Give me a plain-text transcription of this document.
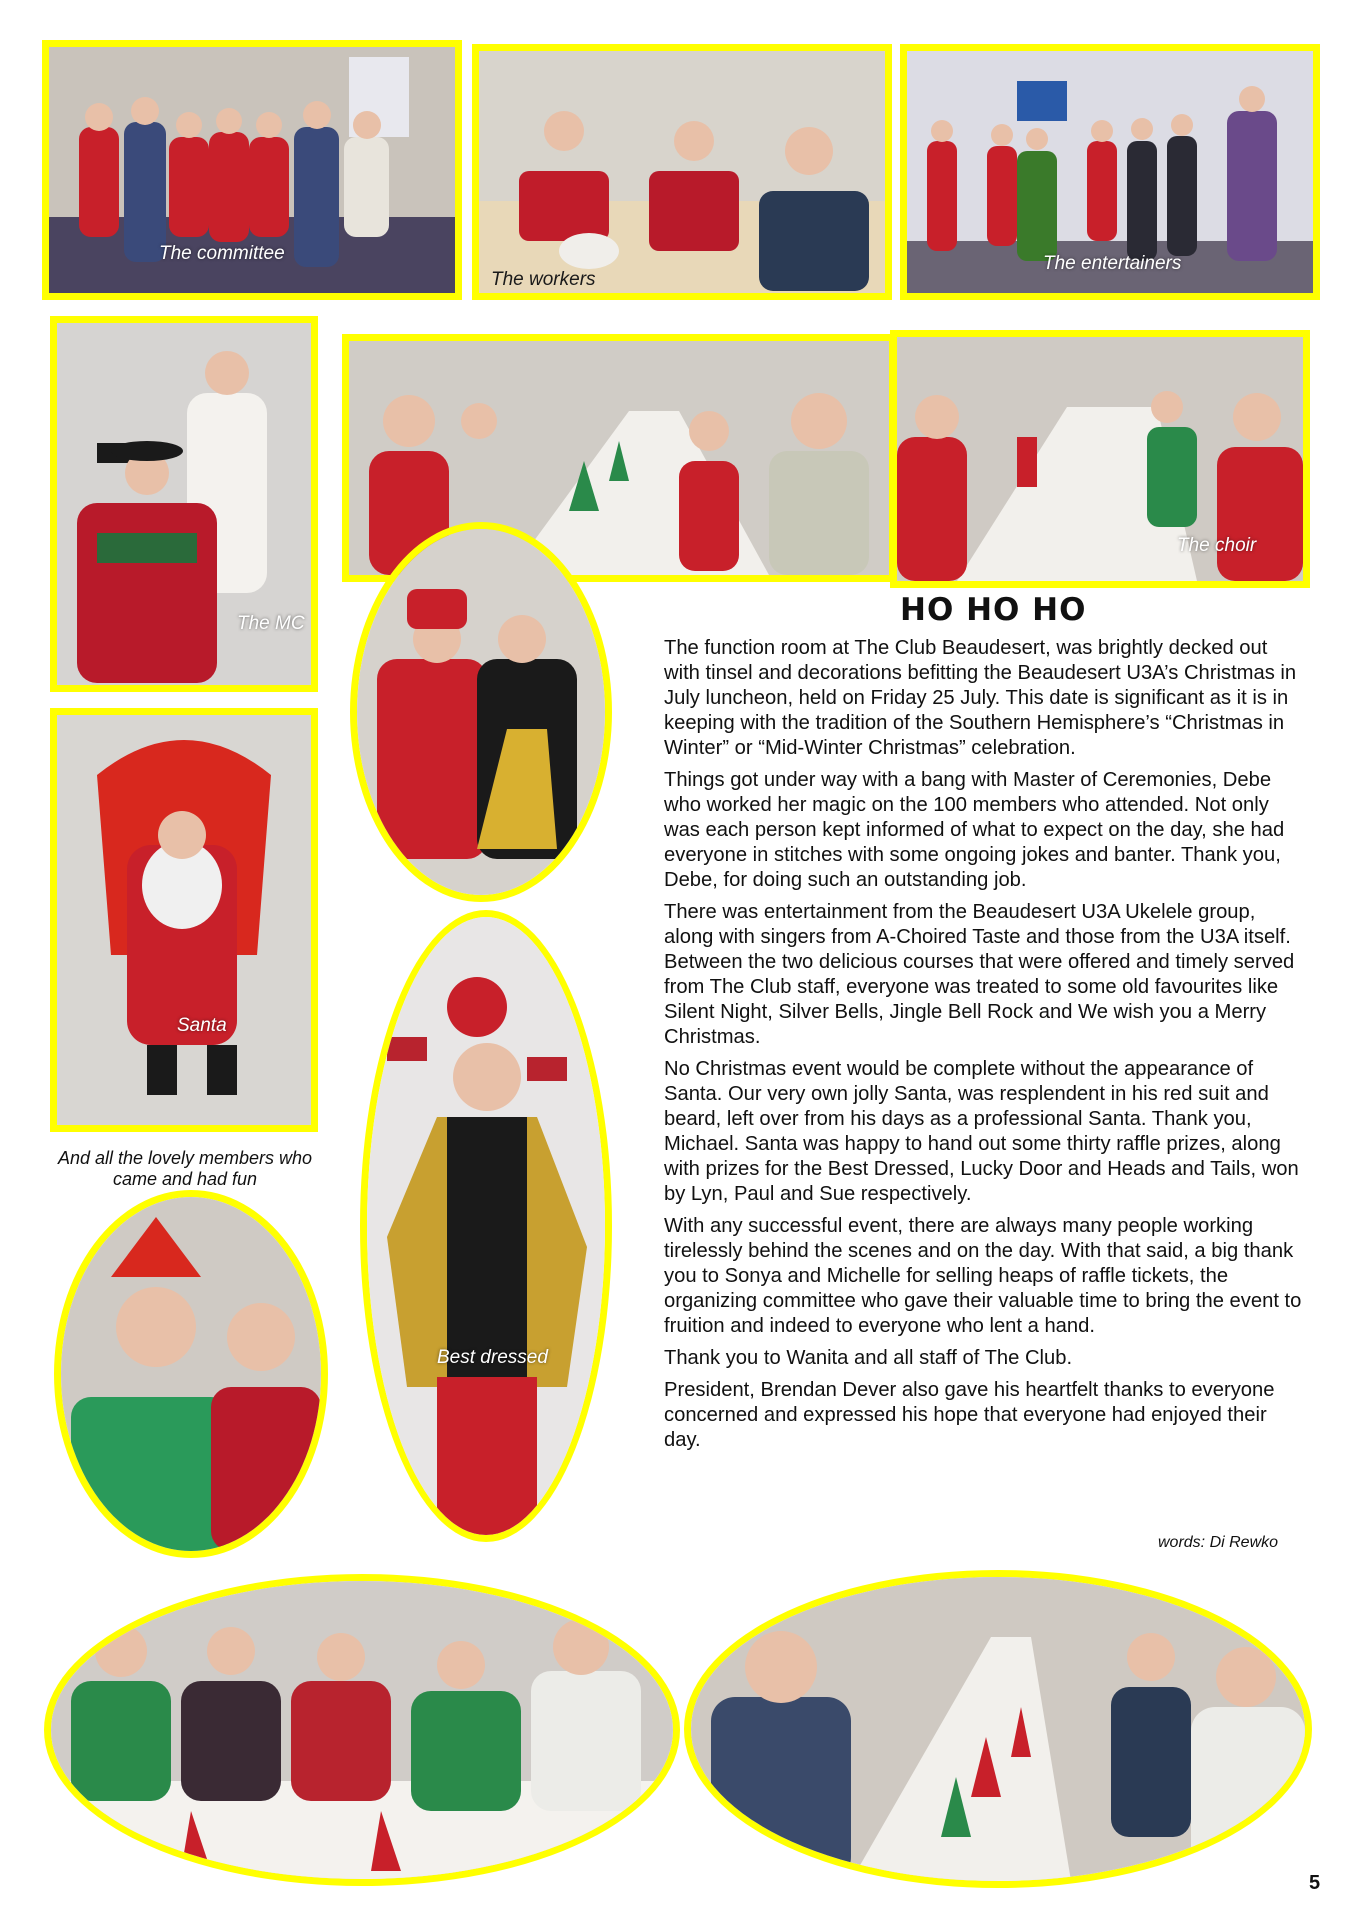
The committee
The workers
The entertainers
The MC
The choir
Santa
And all the lovely members who came and had fun
Best dressed
HO HO HO

The function room at The Club Beaudesert, was brightly decked out with tinsel and decorations befitting the Beaudesert U3A’s Christmas in July luncheon, held on Friday 25 July. This date is significant as it is in keeping with the tradition of the Southern Hemisphere’s “Christmas in Winter” or “Mid-Winter Christmas” celebration.

Things got under way with a bang with Master of Ceremonies, Debe who worked her magic on the 100 members who attended. Not only was each person kept informed of what to expect on the day, she had everyone in stitches with some ongoing jokes and banter. Thank you, Debe, for doing such an outstanding job.

There was entertainment from the Beaudesert U3A Ukelele group, along with singers from A-Choired Taste and those from the U3A itself. Between the two delicious courses that were offered and timely served from The Club staff, everyone was treated to some old favourites like Silent Night, Silver Bells, Jingle Bell Rock and We wish you a Merry Christmas.

No Christmas event would be complete without the appearance of Santa. Our very own jolly Santa, was resplendent in his red suit and beard, left over from his days as a professional Santa. Thank you, Michael. Santa was happy to hand out some thirty raffle prizes, along with prizes for the Best Dressed, Lucky Door and Heads and Tails, won by Lyn, Paul and Sue respectively.

With any successful event, there are always many people working tirelessly behind the scenes and on the day. With that said, a big thank you to Sonya and Michelle for selling heaps of raffle tickets, the organizing committee who gave their valuable time to bring the event to fruition and indeed to everyone who lent a hand.

Thank you to Wanita and all staff of The Club.

President, Brendan Dever also gave his heartfelt thanks to everyone concerned and expressed his hope that everyone had enjoyed their day.

words: Di Rewko
5
